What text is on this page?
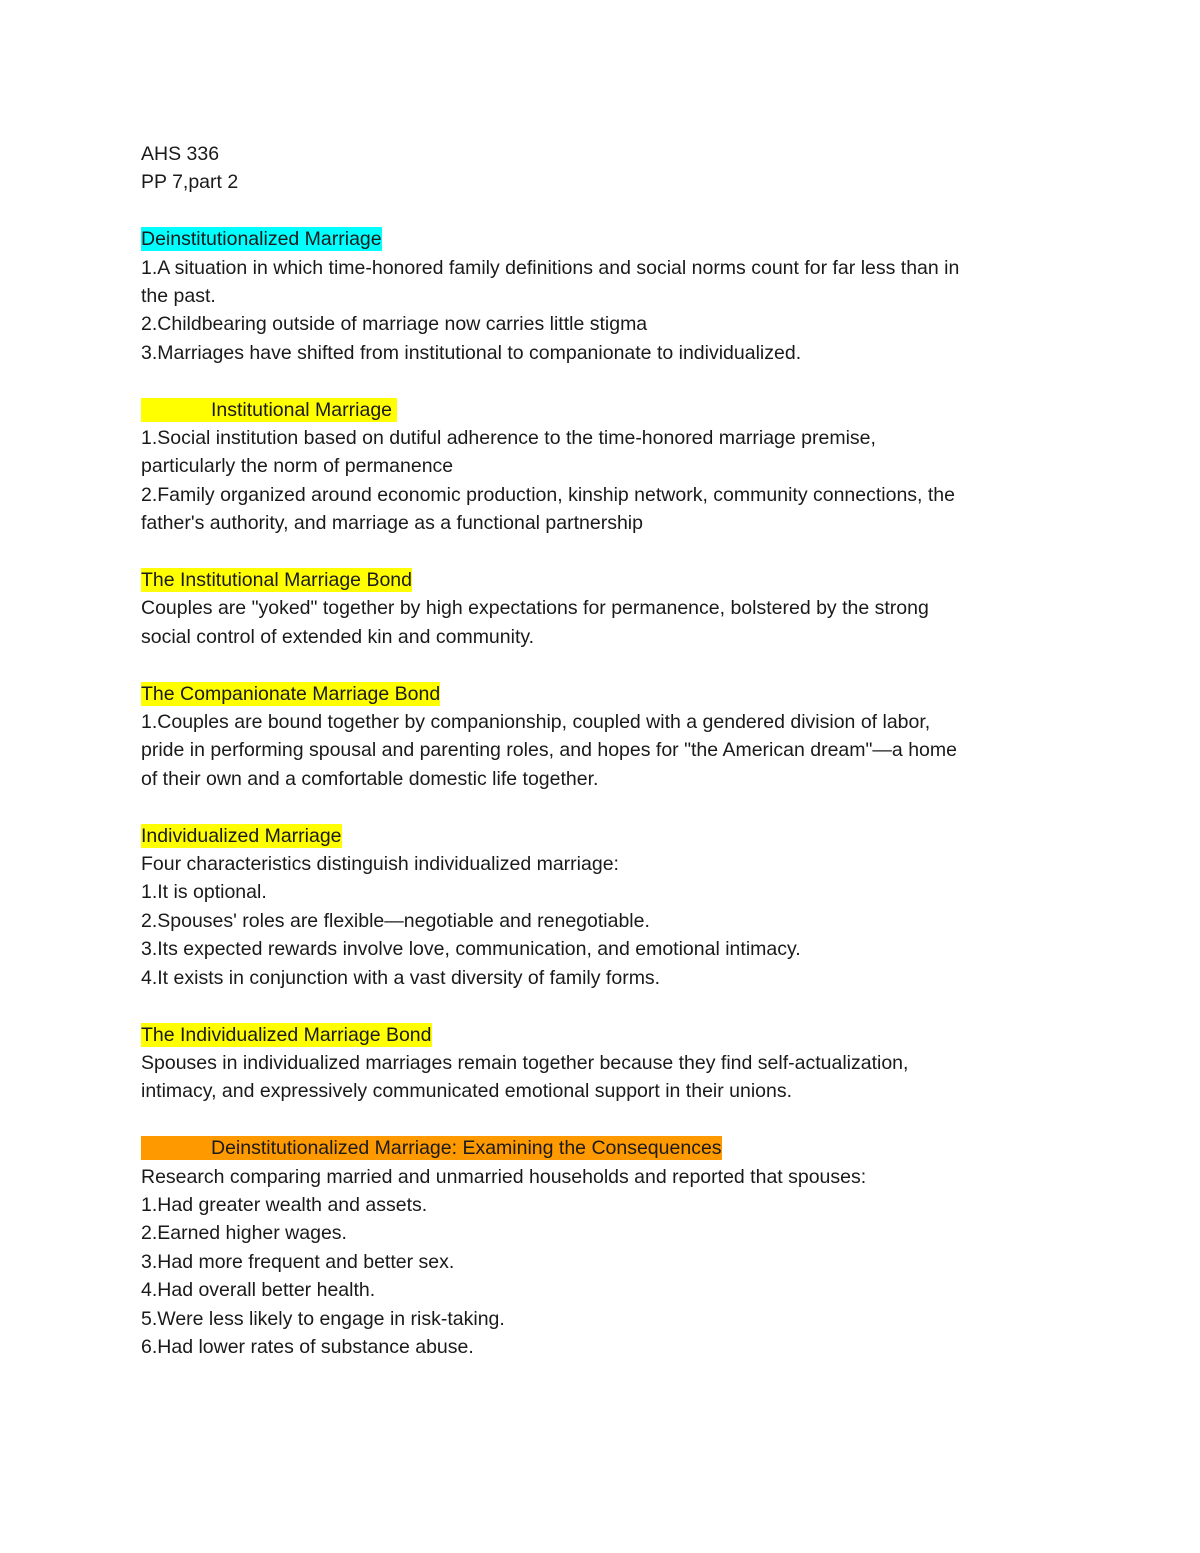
AHS 336
PP 7,part 2
Deinstitutionalized Marriage
1.A situation in which time-honored family definitions and social norms count for far less than in
the past.
2.Childbearing outside of marriage now carries little stigma
3.Marriages have shifted from institutional to companionate to individualized.
Institutional Marriage
1.Social institution based on dutiful adherence to the time-honored marriage premise,
particularly the norm of permanence
2.Family organized around economic production, kinship network, community connections, the
father's authority, and marriage as a functional partnership
The Institutional Marriage Bond
Couples are "yoked" together by high expectations for permanence, bolstered by the strong
social control of extended kin and community.
The Companionate Marriage Bond
1.Couples are bound together by companionship, coupled with a gendered division of labor,
pride in performing spousal and parenting roles, and hopes for "the American dream"—a home
of their own and a comfortable domestic life together.
Individualized Marriage
Four characteristics distinguish individualized marriage:
1.It is optional.
2.Spouses' roles are flexible—negotiable and renegotiable.
3.Its expected rewards involve love, communication, and emotional intimacy.
4.It exists in conjunction with a vast diversity of family forms.
The Individualized Marriage Bond
Spouses in individualized marriages remain together because they find self-actualization,
intimacy, and expressively communicated emotional support in their unions.
Deinstitutionalized Marriage: Examining the Consequences
Research comparing married and unmarried households and reported that spouses:
1.Had greater wealth and assets.
2.Earned higher wages.
3.Had more frequent and better sex.
4.Had overall better health.
5.Were less likely to engage in risk-taking.
6.Had lower rates of substance abuse.
